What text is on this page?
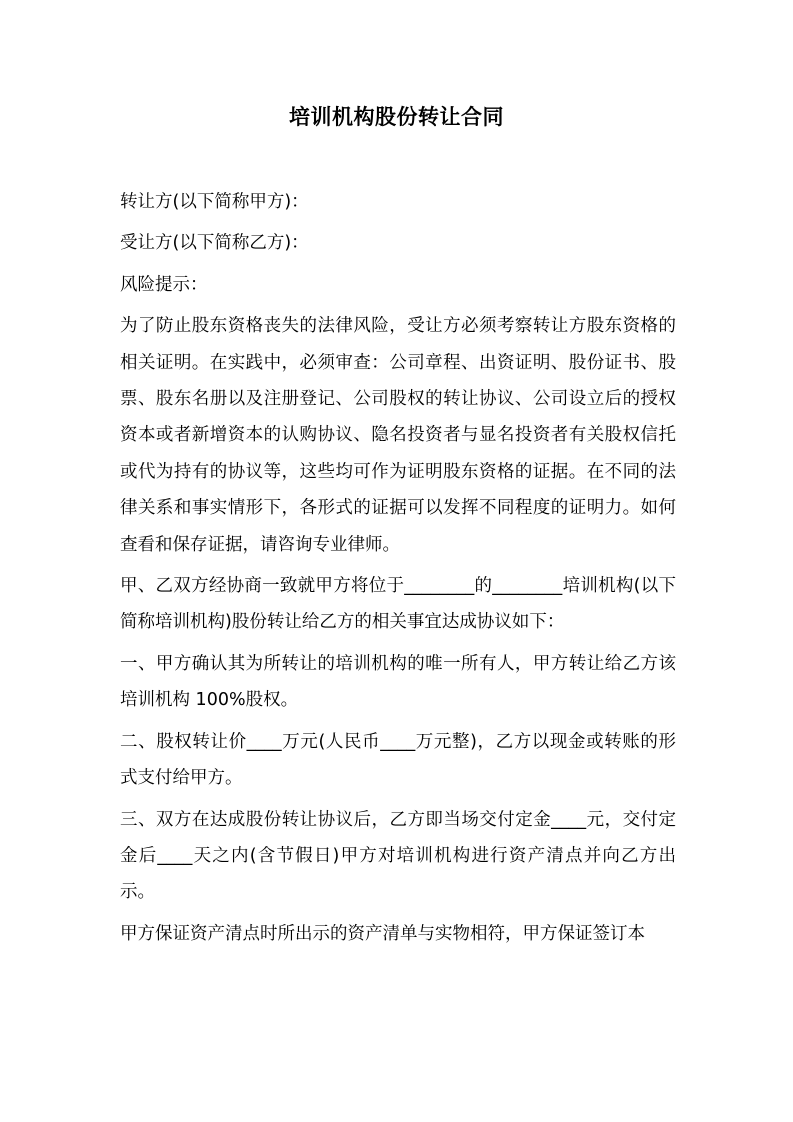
培训机构股份转让合同

转让方(以下简称甲方)：

受让方(以下简称乙方)：

风险提示：

为了防止股东资格丧失的法律风险，受让方必须考察转让方股东资格的相关证明。在实践中，必须审查：公司章程、出资证明、股份证书、股票、股东名册以及注册登记、公司股权的转让协议、公司设立后的授权资本或者新增资本的认购协议、隐名投资者与显名投资者有关股权信托或代为持有的协议等，这些均可作为证明股东资格的证据。在不同的法律关系和事实情形下，各形式的证据可以发挥不同程度的证明力。如何查看和保存证据，请咨询专业律师。

甲、乙双方经协商一致就甲方将位于________的________培训机构(以下简称培训机构)股份转让给乙方的相关事宜达成协议如下：

一、甲方确认其为所转让的培训机构的唯一所有人，甲方转让给乙方该培训机构 100%股权。

二、股权转让价____万元(人民币____万元整)，乙方以现金或转账的形式支付给甲方。

三、双方在达成股份转让协议后，乙方即当场交付定金____元，交付定金后____天之内(含节假日)甲方对培训机构进行资产清点并向乙方出示。

甲方保证资产清点时所出示的资产清单与实物相符，甲方保证签订本
